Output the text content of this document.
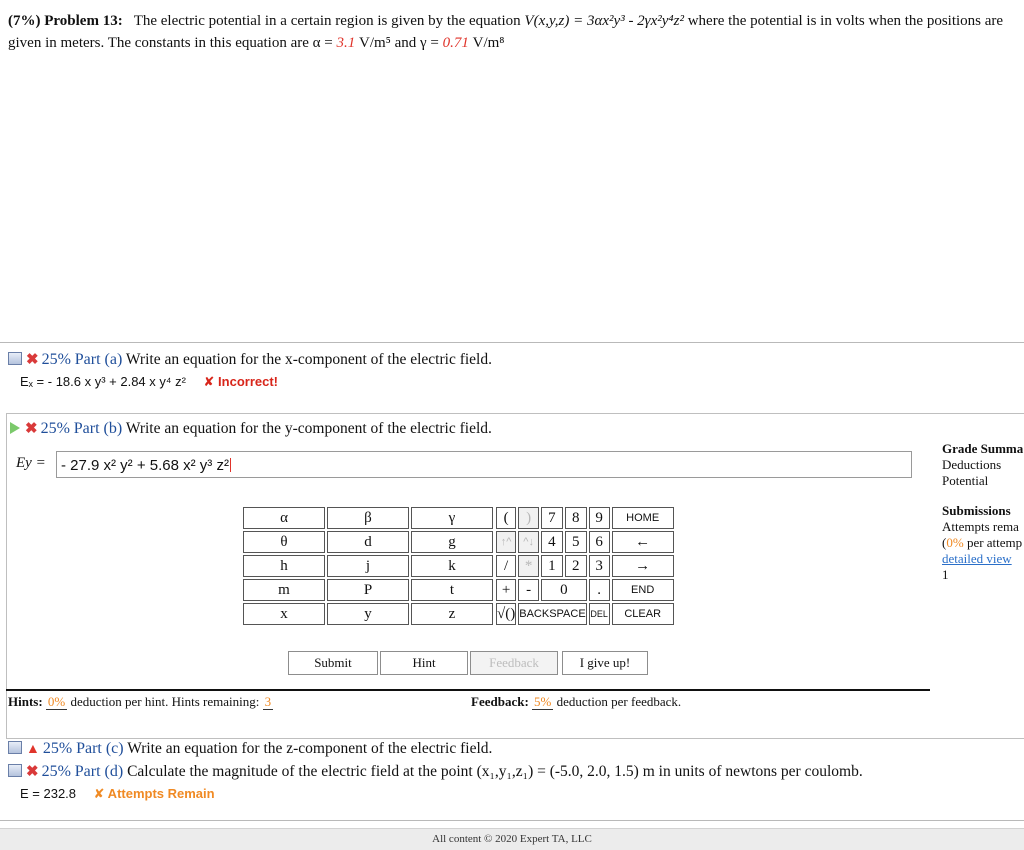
(7%) Problem 13: The electric potential in a certain region is given by the equation V(x,y,z) = 3αx²y³ - 2γx²y⁴z² where the potential is in volts when the positions are given in meters. The constants in this equation are α = 3.1 V/m⁵ and γ = 0.71 V/m⁸
✖ 25% Part (a) Write an equation for the x-component of the electric field.
Eₓ = - 18.6 x y³ + 2.84 x y⁴ z² ✘ Incorrect!
✖ 25% Part (b) Write an equation for the y-component of the electric field.
Ey =	- 27.9 x² y² + 5.68 x² y³ z²
α	β	γ
θ	d	g
h	j	k
m	P	t
x	y	z
(	)	7	8	9	HOME
↑^	^↓	4	5	6	←
/	*	1	2	3	→
+	-	0		.	END
√()	BACKSPACE			DEL	CLEAR
Submit	Hint	Feedback	I give up!
Hints: 0% deduction per hint. Hints remaining: 3	Feedback: 5% deduction per feedback.
Grade Summa
Deductions
Potential
Submissions
Attempts rema
(0% per attemp
detailed view
1
▲ 25% Part (c) Write an equation for the z-component of the electric field.
✖ 25% Part (d) Calculate the magnitude of the electric field at the point (x₁,y₁,z₁) = (-5.0, 2.0, 1.5) m in units of newtons per coulomb.
E = 232.8 ✘ Attempts Remain
All content © 2020 Expert TA, LLC
